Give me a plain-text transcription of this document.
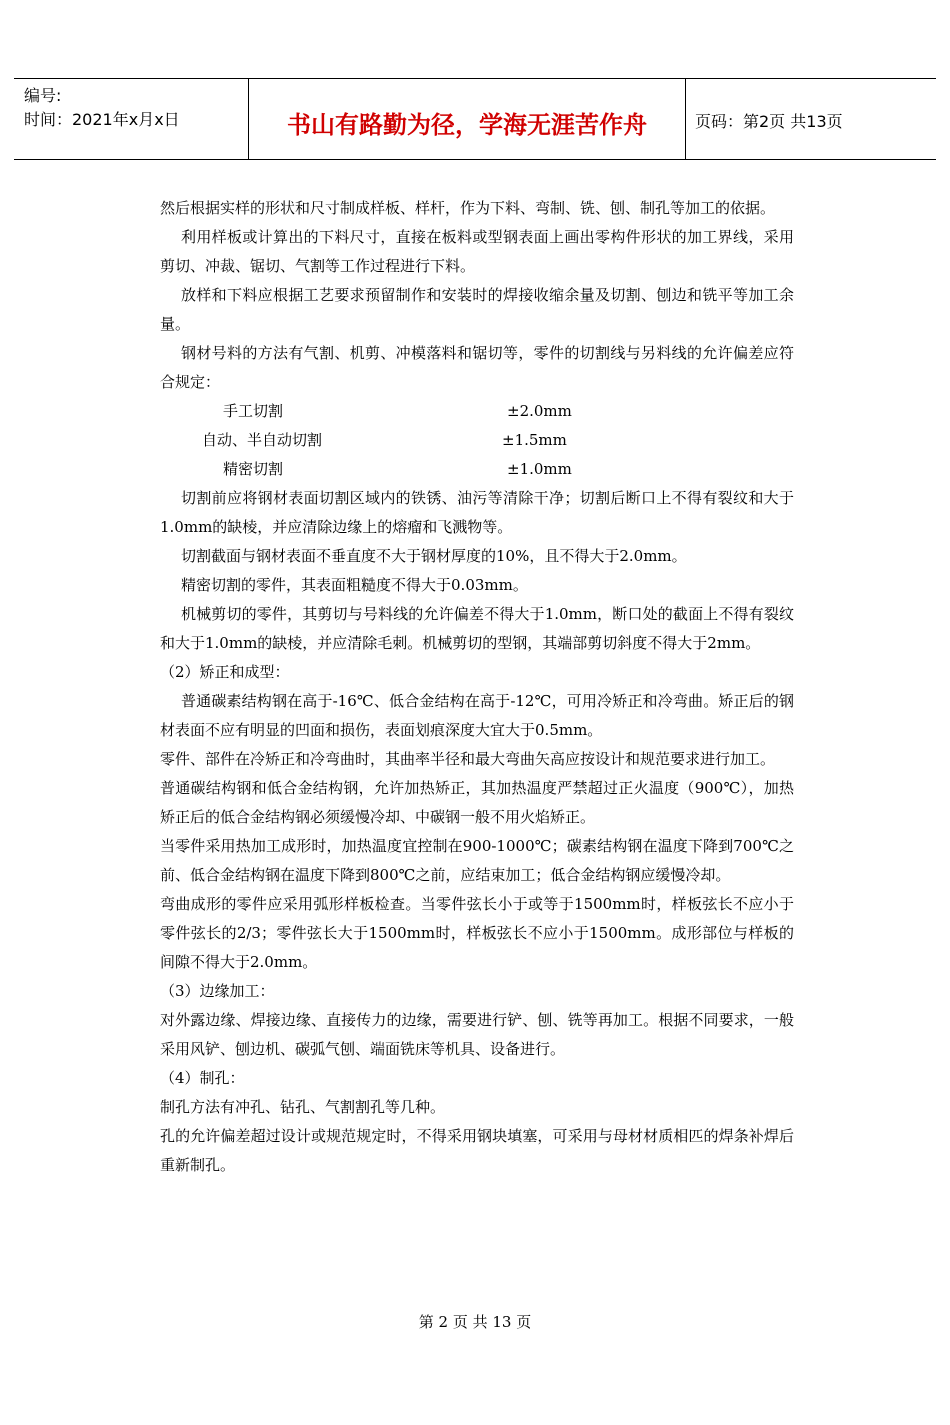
编号:
时间：2021年x月x日	书山有路勤为径，学海无涯苦作舟	页码：第2页 共13页

然后根据实样的形状和尺寸制成样板、样杆，作为下料、弯制、铣、刨、制孔等加工的依据。

利用样板或计算出的下料尺寸，直接在板料或型钢表面上画出零构件形状的加工界线，采用剪切、冲裁、锯切、气割等工作过程进行下料。

放样和下料应根据工艺要求预留制作和安装时的焊接收缩余量及切割、刨边和铣平等加工余量。

钢材号料的方法有气割、机剪、冲模落料和锯切等，零件的切割线与另料线的允许偏差应符合规定：

手工切割	±2.0mm
自动、半自动切割	±1.5mm
精密切割	±1.0mm

切割前应将钢材表面切割区域内的铁锈、油污等清除干净；切割后断口上不得有裂纹和大于1.0mm的缺棱，并应清除边缘上的熔瘤和飞溅物等。

切割截面与钢材表面不垂直度不大于钢材厚度的10%，且不得大于2.0mm。

精密切割的零件，其表面粗糙度不得大于0.03mm。

机械剪切的零件，其剪切与号料线的允许偏差不得大于1.0mm，断口处的截面上不得有裂纹和大于1.0mm的缺棱，并应清除毛刺。机械剪切的型钢，其端部剪切斜度不得大于2mm。

（2）矫正和成型：

普通碳素结构钢在高于-16℃、低合金结构在高于-12℃，可用冷矫正和冷弯曲。矫正后的钢材表面不应有明显的凹面和损伤，表面划痕深度大宜大于0.5mm。

零件、部件在冷矫正和冷弯曲时，其曲率半径和最大弯曲矢高应按设计和规范要求进行加工。

普通碳结构钢和低合金结构钢，允许加热矫正，其加热温度严禁超过正火温度（900℃），加热矫正后的低合金结构钢必须缓慢冷却、中碳钢一般不用火焰矫正。

当零件采用热加工成形时，加热温度宜控制在900-1000℃；碳素结构钢在温度下降到700℃之前、低合金结构钢在温度下降到800℃之前，应结束加工；低合金结构钢应缓慢冷却。

弯曲成形的零件应采用弧形样板检查。当零件弦长小于或等于1500mm时，样板弦长不应小于零件弦长的2/3；零件弦长大于1500mm时，样板弦长不应小于1500mm。成形部位与样板的间隙不得大于2.0mm。

（3）边缘加工：

对外露边缘、焊接边缘、直接传力的边缘，需要进行铲、刨、铣等再加工。根据不同要求，一般采用风铲、刨边机、碳弧气刨、端面铣床等机具、设备进行。

（4）制孔：

制孔方法有冲孔、钻孔、气割割孔等几种。

孔的允许偏差超过设计或规范规定时，不得采用钢块填塞，可采用与母材材质相匹的焊条补焊后重新制孔。

第 2 页 共 13 页
